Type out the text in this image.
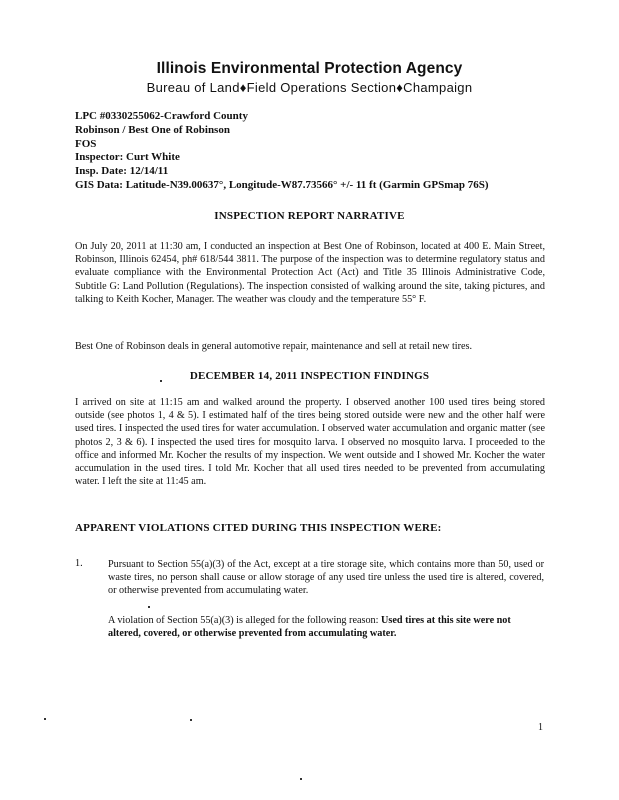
Illinois Environmental Protection Agency
Bureau of Land♦Field Operations Section♦Champaign
LPC #0330255062-Crawford County
Robinson / Best One of Robinson
FOS
Inspector: Curt White
Insp. Date: 12/14/11
GIS Data: Latitude-N39.00637°, Longitude-W87.73566° +/- 11 ft (Garmin GPSmap 76S)
INSPECTION REPORT NARRATIVE
On July 20, 2011 at 11:30 am, I conducted an inspection at Best One of Robinson, located at 400 E. Main Street, Robinson, Illinois 62454, ph# 618/544 3811. The purpose of the inspection was to determine regulatory status and evaluate compliance with the Environmental Protection Act (Act) and Title 35 Illinois Administrative Code, Subtitle G: Land Pollution (Regulations). The inspection consisted of walking around the site, taking pictures, and talking to Keith Kocher, Manager. The weather was cloudy and the temperature 55° F.
Best One of Robinson deals in general automotive repair, maintenance and sell at retail new tires.
DECEMBER 14, 2011 INSPECTION FINDINGS
I arrived on site at 11:15 am and walked around the property. I observed another 100 used tires being stored outside (see photos 1, 4 & 5). I estimated half of the tires being stored outside were new and the other half were used tires. I inspected the used tires for water accumulation. I observed water accumulation and organic matter (see photos 2, 3 & 6). I inspected the used tires for mosquito larva. I observed no mosquito larva. I proceeded to the office and informed Mr. Kocher the results of my inspection. We went outside and I showed Mr. Kocher the water accumulation in the used tires. I told Mr. Kocher that all used tires needed to be prevented from accumulating water. I left the site at 11:45 am.
APPARENT VIOLATIONS CITED DURING THIS INSPECTION WERE:
1. Pursuant to Section 55(a)(3) of the Act, except at a tire storage site, which contains more than 50, used or waste tires, no person shall cause or allow storage of any used tire unless the used tire is altered, covered, or otherwise prevented from accumulating water.
A violation of Section 55(a)(3) is alleged for the following reason: Used tires at this site were not altered, covered, or otherwise prevented from accumulating water.
1
